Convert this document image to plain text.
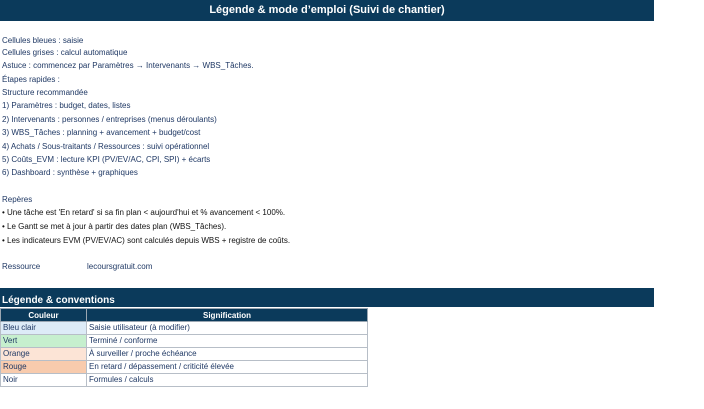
Légende & mode d’emploi (Suivi de chantier)
Cellules bleues : saisie
Cellules grises : calcul automatique
Astuce : commencez par Paramètres → Intervenants → WBS_Tâches.
Étapes rapides :
Structure recommandée
1) Paramètres : budget, dates, listes
2) Intervenants : personnes / entreprises (menus déroulants)
3) WBS_Tâches : planning + avancement + budget/cost
4) Achats / Sous-traitants / Ressources : suivi opérationnel
5) Coûts_EVM : lecture KPI (PV/EV/AC, CPI, SPI) + écarts
6) Dashboard : synthèse + graphiques
Repères
• Une tâche est 'En retard' si sa fin plan < aujourd'hui et % avancement < 100%.
• Le Gantt se met à jour à partir des dates plan (WBS_Tâches).
• Les indicateurs EVM (PV/EV/AC) sont calculés depuis WBS + registre de coûts.
Ressource	lecoursgratuit.com
Légende & conventions
Couleur	Signification
Bleu clair	Saisie utilisateur (à modifier)
Vert	Terminé / conforme
Orange	À surveiller / proche échéance
Rouge	En retard / dépassement / criticité élevée
Noir	Formules / calculs
